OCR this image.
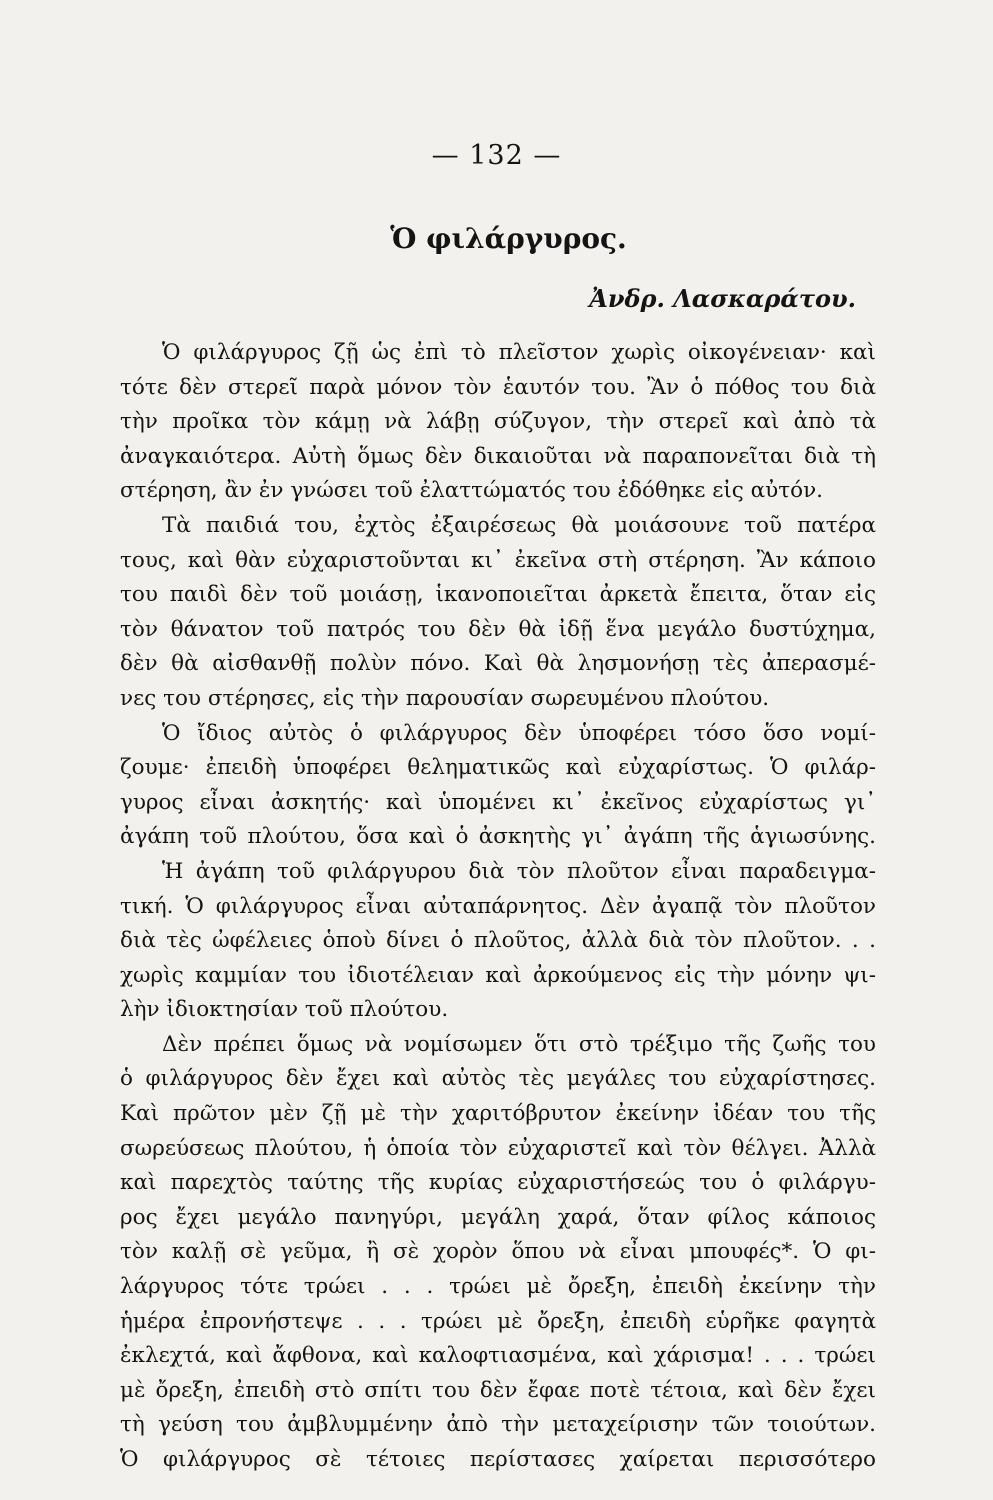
— 132 —
Ὁ φιλάργυρος.
Ἀνδρ. Λασκαράτου.
Ὁ φιλάργυρος ζῇ ὡς ἐπὶ τὸ πλεῖστον χωρὶς οἰκογένειαν· καὶ
τότε δὲν στερεῖ παρὰ μόνον τὸν ἑαυτόν του. Ἂν ὁ πόθος του διὰ
τὴν προῖκα τὸν κάμῃ νὰ λάβῃ σύζυγον, τὴν στερεῖ καὶ ἀπὸ τὰ
ἀναγκαιότερα. Αὐτὴ ὅμως δὲν δικαιοῦται νὰ παραπονεῖται διὰ τὴ
στέρηση, ἂν ἐν γνώσει τοῦ ἐλαττώματός του ἐδόθηκε εἰς αὐτόν.
Τὰ παιδιά του, ἐχτὸς ἐξαιρέσεως θὰ μοιάσουνε τοῦ πατέρα
τους, καὶ θὰν εὐχαριστοῦνται κι᾽ ἐκεῖνα στὴ στέρηση. Ἂν κάποιο
του παιδὶ δὲν τοῦ μοιάσῃ, ἱκανοποιεῖται ἀρκετὰ ἔπειτα, ὅταν εἰς
τὸν θάνατον τοῦ πατρός του δὲν θὰ ἰδῇ ἕνα μεγάλο δυστύχημα,
δὲν θὰ αἰσθανθῇ πολὺν πόνο. Καὶ θὰ λησμονήσῃ τὲς ἀπερασμέ-
νες του στέρησες, εἰς τὴν παρουσίαν σωρευμένου πλούτου.
Ὁ ἴδιος αὐτὸς ὁ φιλάργυρος δὲν ὑποφέρει τόσο ὅσο νομί-
ζουμε· ἐπειδὴ ὑποφέρει θεληματικῶς καὶ εὐχαρίστως. Ὁ φιλάρ-
γυρος εἶναι ἀσκητής· καὶ ὑπομένει κι᾽ ἐκεῖνος εὐχαρίστως γι᾽
ἀγάπη τοῦ πλούτου, ὅσα καὶ ὁ ἀσκητὴς γι᾽ ἀγάπη τῆς ἁγιωσύνης.
Ἡ ἀγάπη τοῦ φιλάργυρου διὰ τὸν πλοῦτον εἶναι παραδειγμα-
τική. Ὁ φιλάργυρος εἶναι αὐταπάρνητος. Δὲν ἀγαπᾷ τὸν πλοῦτον
διὰ τὲς ὠφέλειες ὁποὺ δίνει ὁ πλοῦτος, ἀλλὰ διὰ τὸν πλοῦτον. . .
χωρὶς καμμίαν του ἰδιοτέλειαν καὶ ἀρκούμενος εἰς τὴν μόνην ψι-
λὴν ἰδιοκτησίαν τοῦ πλούτου.
Δὲν πρέπει ὅμως νὰ νομίσωμεν ὅτι στὸ τρέξιμο τῆς ζωῆς του
ὁ φιλάργυρος δὲν ἔχει καὶ αὐτὸς τὲς μεγάλες του εὐχαρίστησες.
Καὶ πρῶτον μὲν ζῇ μὲ τὴν χαριτόβρυτον ἐκείνην ἰδέαν του τῆς
σωρεύσεως πλούτου, ἡ ὁποία τὸν εὐχαριστεῖ καὶ τὸν θέλγει. Ἀλλὰ
καὶ παρεχτὸς ταύτης τῆς κυρίας εὐχαριστήσεώς του ὁ φιλάργυ-
ρος ἔχει μεγάλο πανηγύρι, μεγάλη χαρά, ὅταν φίλος κάποιος
τὸν καλῇ σὲ γεῦμα, ἢ σὲ χορὸν ὅπου νὰ εἶναι μπουφές*. Ὁ φι-
λάργυρος τότε τρώει . . . τρώει μὲ ὄρεξη, ἐπειδὴ ἐκείνην τὴν
ἡμέρα ἐπρονήστεψε . . . τρώει μὲ ὄρεξη, ἐπειδὴ εὑρῆκε φαγητὰ
ἐκλεχτά, καὶ ἄφθονα, καὶ καλοφτιασμένα, καὶ χάρισμα! . . . τρώει
μὲ ὄρεξη, ἐπειδὴ στὸ σπίτι του δὲν ἔφαε ποτὲ τέτοια, καὶ δὲν ἔχει
τὴ γεύση του ἀμβλυμμένην ἀπὸ τὴν μεταχείρισην τῶν τοιούτων.
Ὁ φιλάργυρος σὲ τέτοιες περίστασες χαίρεται περισσότερο
